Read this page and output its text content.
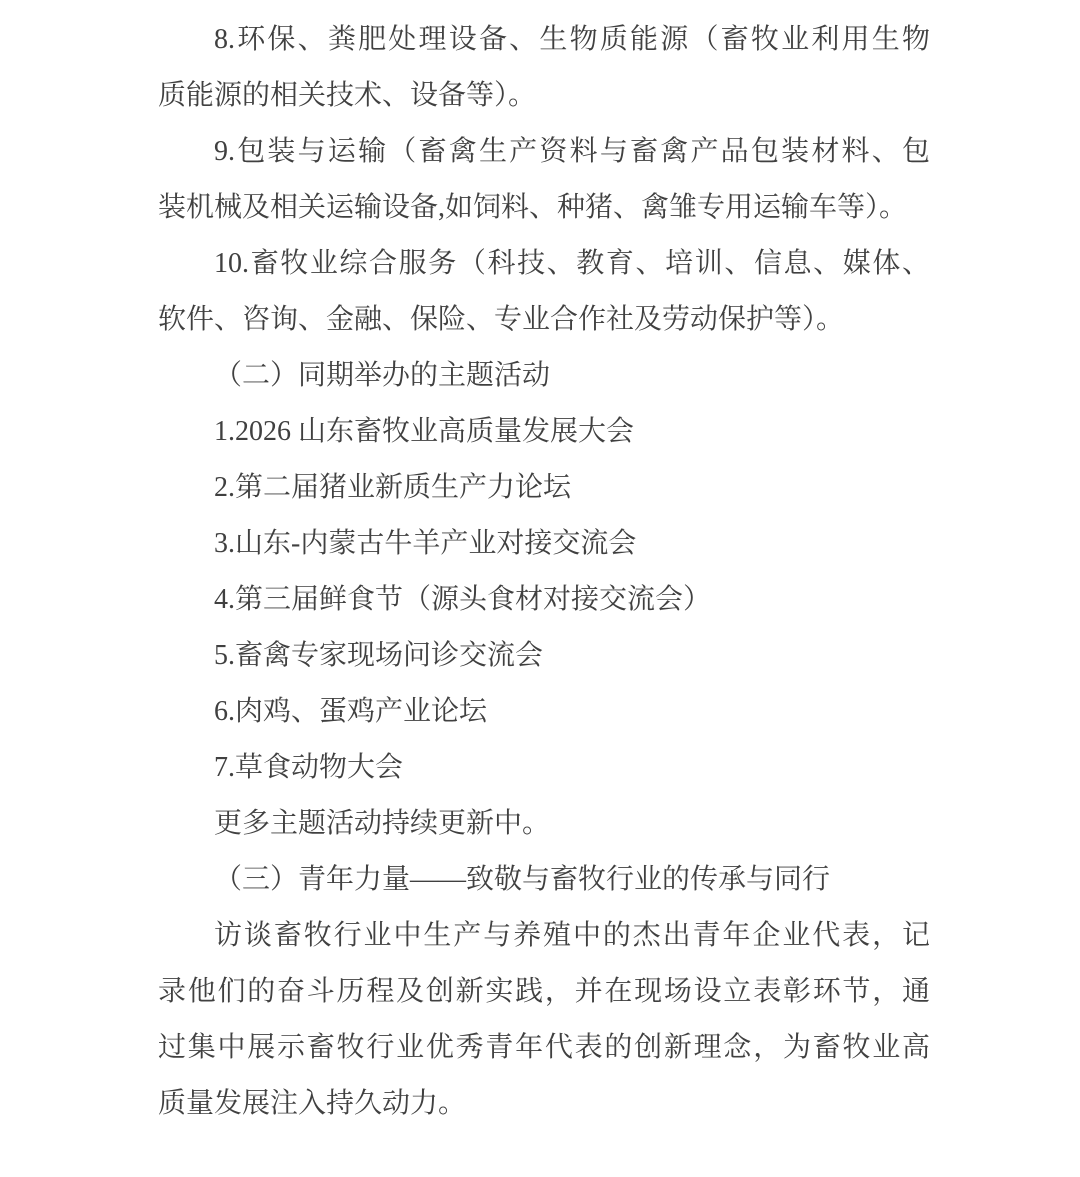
8.环保、粪肥处理设备、生物质能源（畜牧业利用生物
质能源的相关技术、设备等）。
9.包装与运输（畜禽生产资料与畜禽产品包装材料、包
装机械及相关运输设备,如饲料、种猪、禽雏专用运输车等）。
10.畜牧业综合服务（科技、教育、培训、信息、媒体、
软件、咨询、金融、保险、专业合作社及劳动保护等）。
（二）同期举办的主题活动
1.2026 山东畜牧业高质量发展大会
2.第二届猪业新质生产力论坛
3.山东-内蒙古牛羊产业对接交流会
4.第三届鲜食节（源头食材对接交流会）
5.畜禽专家现场问诊交流会
6.肉鸡、蛋鸡产业论坛
7.草食动物大会
更多主题活动持续更新中。
（三）青年力量——致敬与畜牧行业的传承与同行
访谈畜牧行业中生产与养殖中的杰出青年企业代表，记
录他们的奋斗历程及创新实践，并在现场设立表彰环节，通
过集中展示畜牧行业优秀青年代表的创新理念，为畜牧业高
质量发展注入持久动力。
